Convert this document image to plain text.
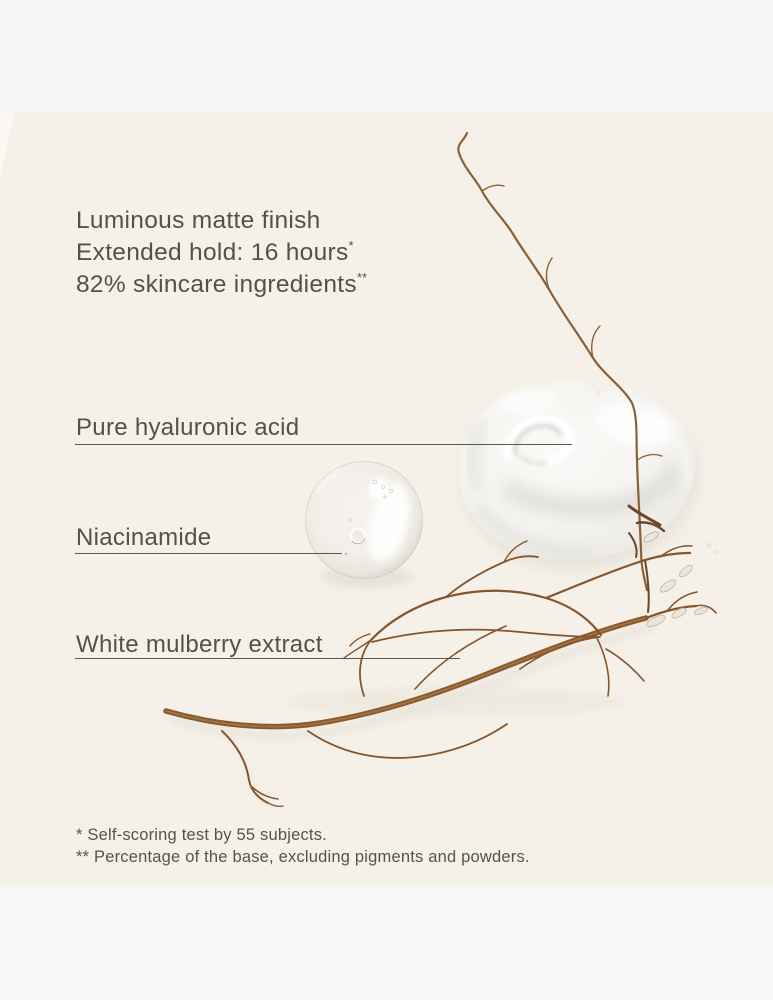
Luminous matte finish
Extended hold: 16 hours*
82% skincare ingredients**
Pure hyaluronic acid
Niacinamide
White mulberry extract
* Self-scoring test by 55 subjects.
** Percentage of the base, excluding pigments and powders.
